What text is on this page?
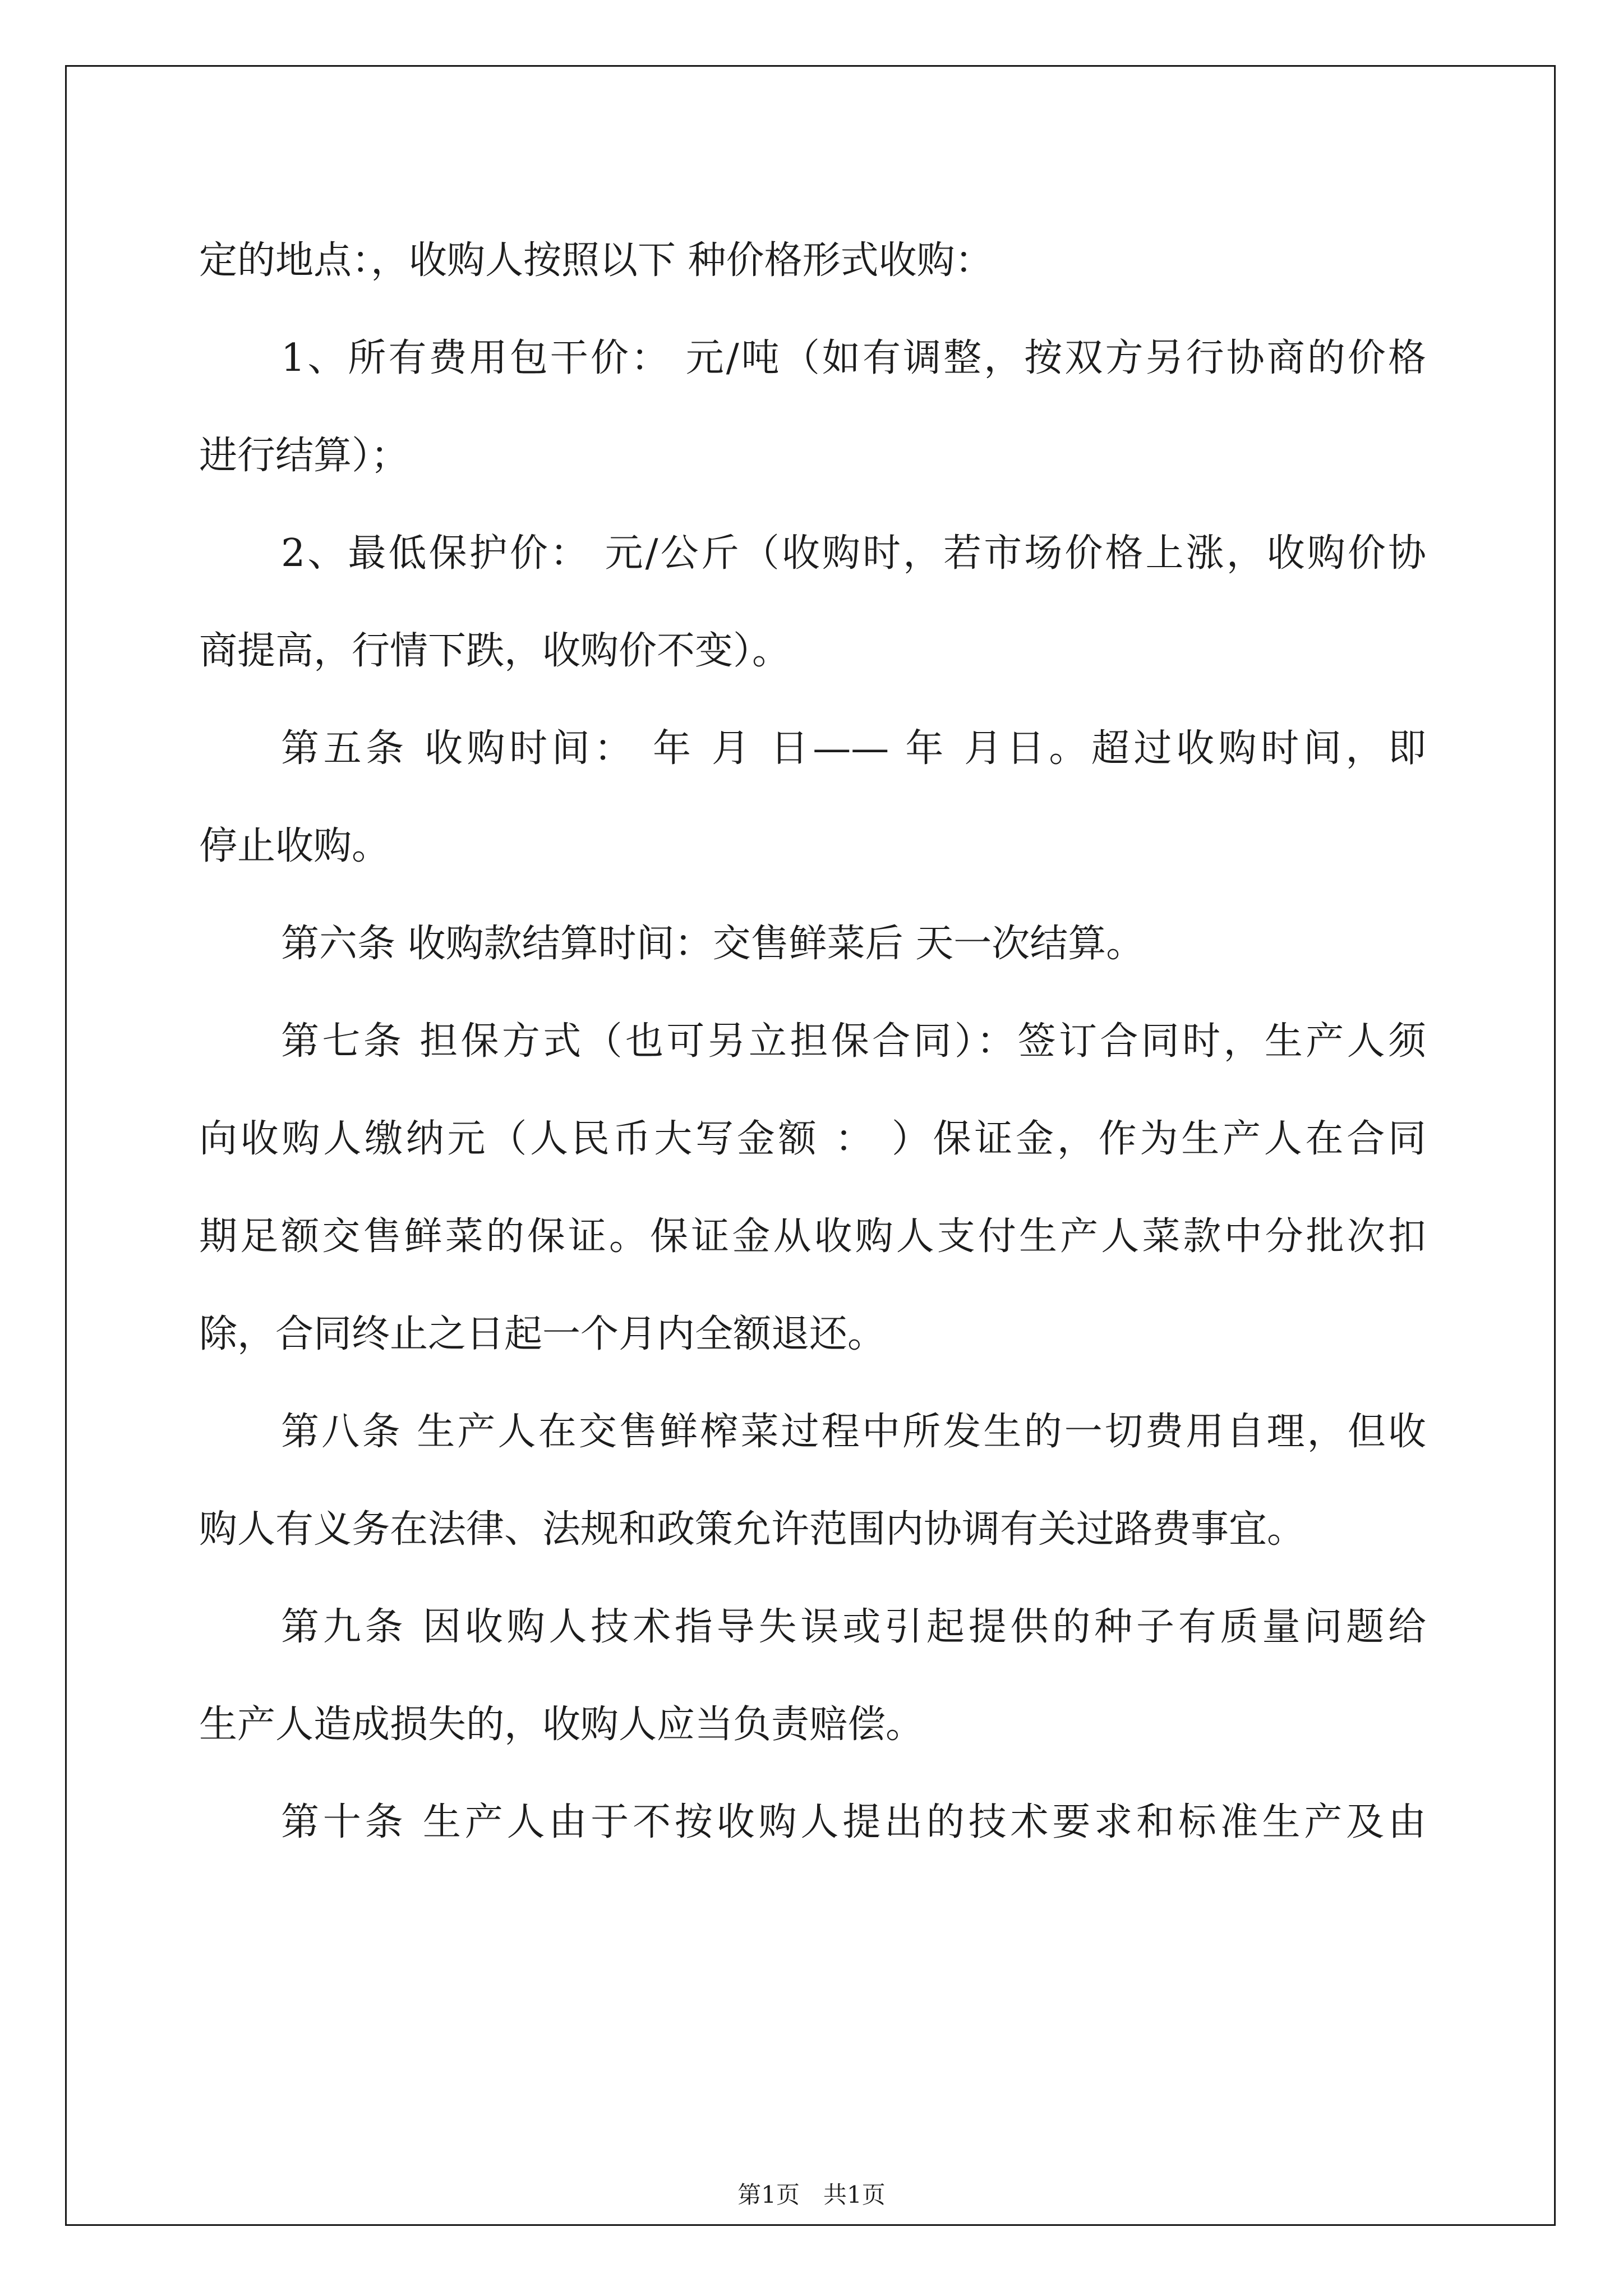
定的地点：，收购人按照以下 种价格形式收购：
1、所有费用包干价： 元/吨（如有调整，按双方另行协商的价格
进行结算）；
2、最低保护价： 元/公斤（收购时，若市场价格上涨，收购价协
商提高，行情下跌，收购价不变）。
第五条 收购时间： 年 月 日—— 年 月日。超过收购时间，即
停止收购。
第六条 收购款结算时间：交售鲜菜后 天一次结算。
第七条 担保方式（也可另立担保合同）：签订合同时，生产人须
向收购人缴纳元（人民币大写金额 ： ）保证金，作为生产人在合同
期足额交售鲜菜的保证。保证金从收购人支付生产人菜款中分批次扣
除，合同终止之日起一个月内全额退还。
第八条 生产人在交售鲜榨菜过程中所发生的一切费用自理，但收
购人有义务在法律、法规和政策允许范围内协调有关过路费事宜。
第九条 因收购人技术指导失误或引起提供的种子有质量问题给
生产人造成损失的，收购人应当负责赔偿。
第十条 生产人由于不按收购人提出的技术要求和标准生产及由
第1页　共1页
